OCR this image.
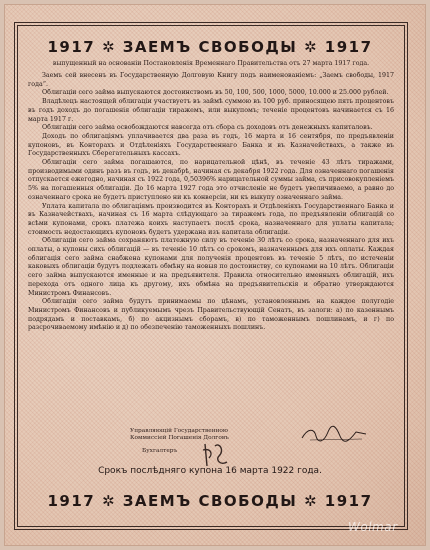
1917 ✲ ЗАЕМЪ СВОБОДЫ ✲ 1917
выпущенный на основаніи Постановленія Временнаго Правительства отъ 27 марта 1917 года.

Заемъ сей внесенъ въ Государственную Долговую Книгу подъ наименованіемъ: „Заемъ свободы, 1917 года“.

Облигаціи сего займа выпускаются достоинствомъ въ 50, 100, 500, 1000, 5000, 10.000 и 25.000 рублей.

Владѣлецъ настоящей облигаціи участвуетъ въ займѣ суммою въ 100 руб. приносящею пять процентовъ въ годъ доходъ до погашенія облигаціи тиражемъ, или выкупомъ; теченіе процентовъ начинается съ 16 марта 1917 г.

Облигаціи сего займа освобождаются навсегда отъ сбора съ доходовъ отъ денежныхъ капиталовъ.

Доходъ по облигаціямъ уплачивается два раза въ годъ, 16 марта и 16 сентября, по предъявленіи купоновъ, въ Конторахъ и Отдѣленіяхъ Государственнаго Банка и въ Казначействахъ, а также въ Государственныхъ Сберегательныхъ кассахъ.

Облигаціи сего займа погашаются, по нарицательной цѣнѣ, въ теченіе 43 лѣтъ тиражами, производимыми одинъ разъ въ годъ, въ декабрѣ, начиная съ декабря 1922 года. Для означеннаго погашенія отпускается ежегодно, начиная съ 1922 года, 0,50396% нарицательной суммы займа, съ присовокупленіемъ 5% на погашенныя облигаціи. До 16 марта 1927 года это отчисленіе не будетъ увеличиваемо, а равно до означеннаго срока не будетъ приступлено ни къ конверсіи, ни къ выкупу означеннаго займа.

Уплата капитала по облигаціямъ производится въ Конторахъ и Отдѣленіяхъ Государственнаго Банка и въ Казначействахъ, начиная съ 16 марта слѣдующаго за тиражемъ года, по предъявленіи облигацій со всѣми купонами, срокъ платежа коихъ наступаетъ послѣ срока, назначеннаго для уплаты капитала; стоимость недостающихъ купоновъ будетъ удержана изъ капитала облигаціи.

Облигаціи сего займа сохраняютъ платежную силу въ теченіе 30 лѣтъ со срока, назначеннаго для ихъ оплаты, а купоны сихъ облигацій — въ теченіе 10 лѣтъ со срокомъ, назначеннымъ для ихъ оплаты. Каждая облигація сего займа снабжена купонами для полученія процентовъ въ теченіе 5 лѣтъ, по истеченіи каковыхъ облигаціи будутъ подлежать обмѣну на новыя по достоинству, со купонами на 10 лѣтъ. Облигаціи сего займа выпускаются именные и на предъявителя. Правила относительно именныхъ облигацій, ихъ перехода отъ одного лица къ другому, ихъ обмѣна на предъявительскія и обратно утверждаются Министромъ Финансовъ.

Облигаціи сего займа будутъ принимаемы по цѣнамъ, установленнымъ на каждое полугодіе Министромъ Финансовъ и публикуемымъ чрезъ Правительствующій Сенатъ, въ залоги: а) по казеннымъ подрядамъ и поставкамъ, б) по акцизнымъ сборамъ, в) по таможеннымъ пошлинамъ, и г) по разсрочиваемому имѣнію и д) по обезпеченію таможенныхъ пошлинъ.

Управляющій Государственною
Коммиссіей Погашенія Долговъ
Бухгалтеръ
Срокъ послѣдняго купона 16 марта 1922 года.
1917 ✲ ЗАЕМЪ СВОБОДЫ ✲ 1917
Wolmar
